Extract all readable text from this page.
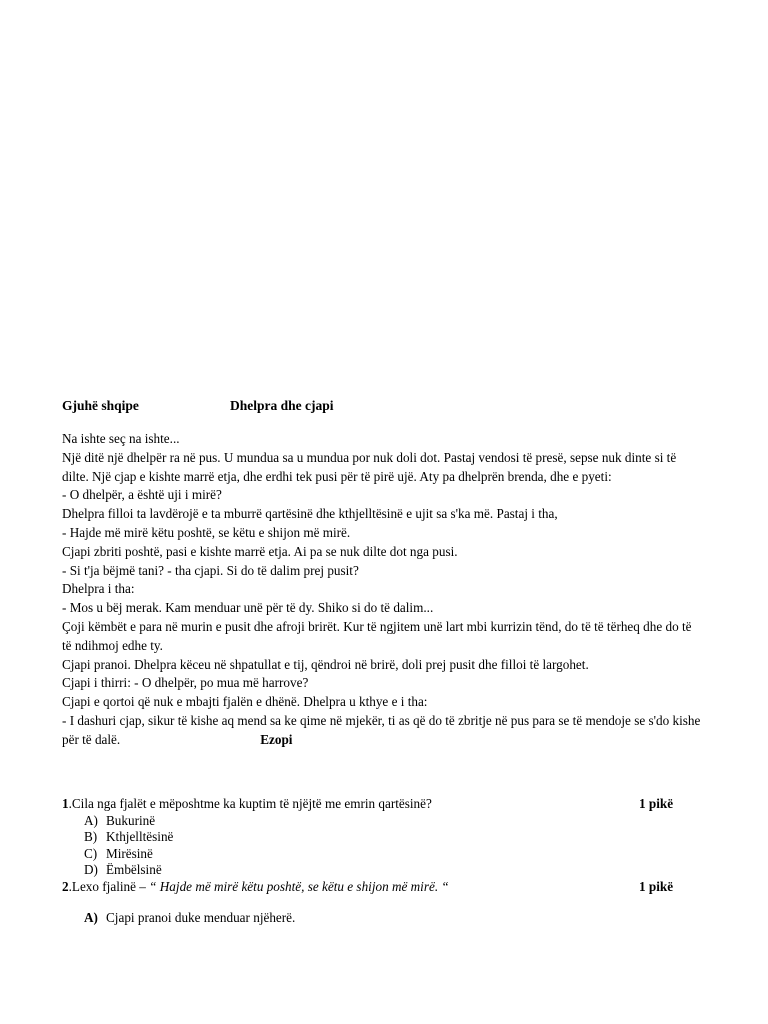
Gjuhë shqipe	Dhelpra dhe cjapi

Na ishte seç na ishte...

Një ditë një dhelpër ra në pus. U mundua sa u mundua por nuk doli dot. Pastaj vendosi të presë, sepse nuk dinte si të dilte. Një cjap e kishte marrë etja, dhe erdhi tek pusi për të pirë ujë. Aty pa dhelprën brenda, dhe e pyeti:

- O dhelpër, a është uji i mirë?

Dhelpra filloi ta lavdërojë e ta mburrë qartësinë dhe kthjelltësinë e ujit sa s'ka më. Pastaj i tha,

- Hajde më mirë këtu poshtë, se këtu e shijon më mirë.

Cjapi zbriti poshtë, pasi e kishte marrë etja. Ai pa se nuk dilte dot nga pusi.

- Si t'ja bëjmë tani? - tha cjapi. Si do të dalim prej pusit?

Dhelpra i tha:

- Mos u bëj merak. Kam menduar unë për të dy. Shiko si do të dalim...

Çoji këmbët e para në murin e pusit dhe afroji brirët. Kur të ngjitem unë lart mbi kurrizin tënd, do të të tërheq dhe do të të ndihmoj edhe ty.

Cjapi pranoi. Dhelpra këceu në shpatullat e tij, qëndroi në brirë, doli prej pusit dhe filloi të largohet.

Cjapi i thirri: - O dhelpër, po mua më harrove?

Cjapi e qortoi që nuk e mbajti fjalën e dhënë. Dhelpra u kthye e i tha:

- I dashuri cjap, sikur të kishe aq mend sa ke qime në mjekër, ti as që do të zbritje në pus para se të mendoje se s'do kishe për të dalë.	Ezopi

1.Cila nga fjalët e mëposhtme ka kuptim të njëjtë me emrin qartësinë?	1 pikë
A) Bukurinë
B) Kthjelltësinë
C) Mirësinë
D) Ëmbëlsinë
2.Lexo fjalinë – “ Hajde më mirë këtu poshtë, se këtu e shijon më mirë. “	1 pikë
A) Cjapi pranoi duke menduar njëherë.
